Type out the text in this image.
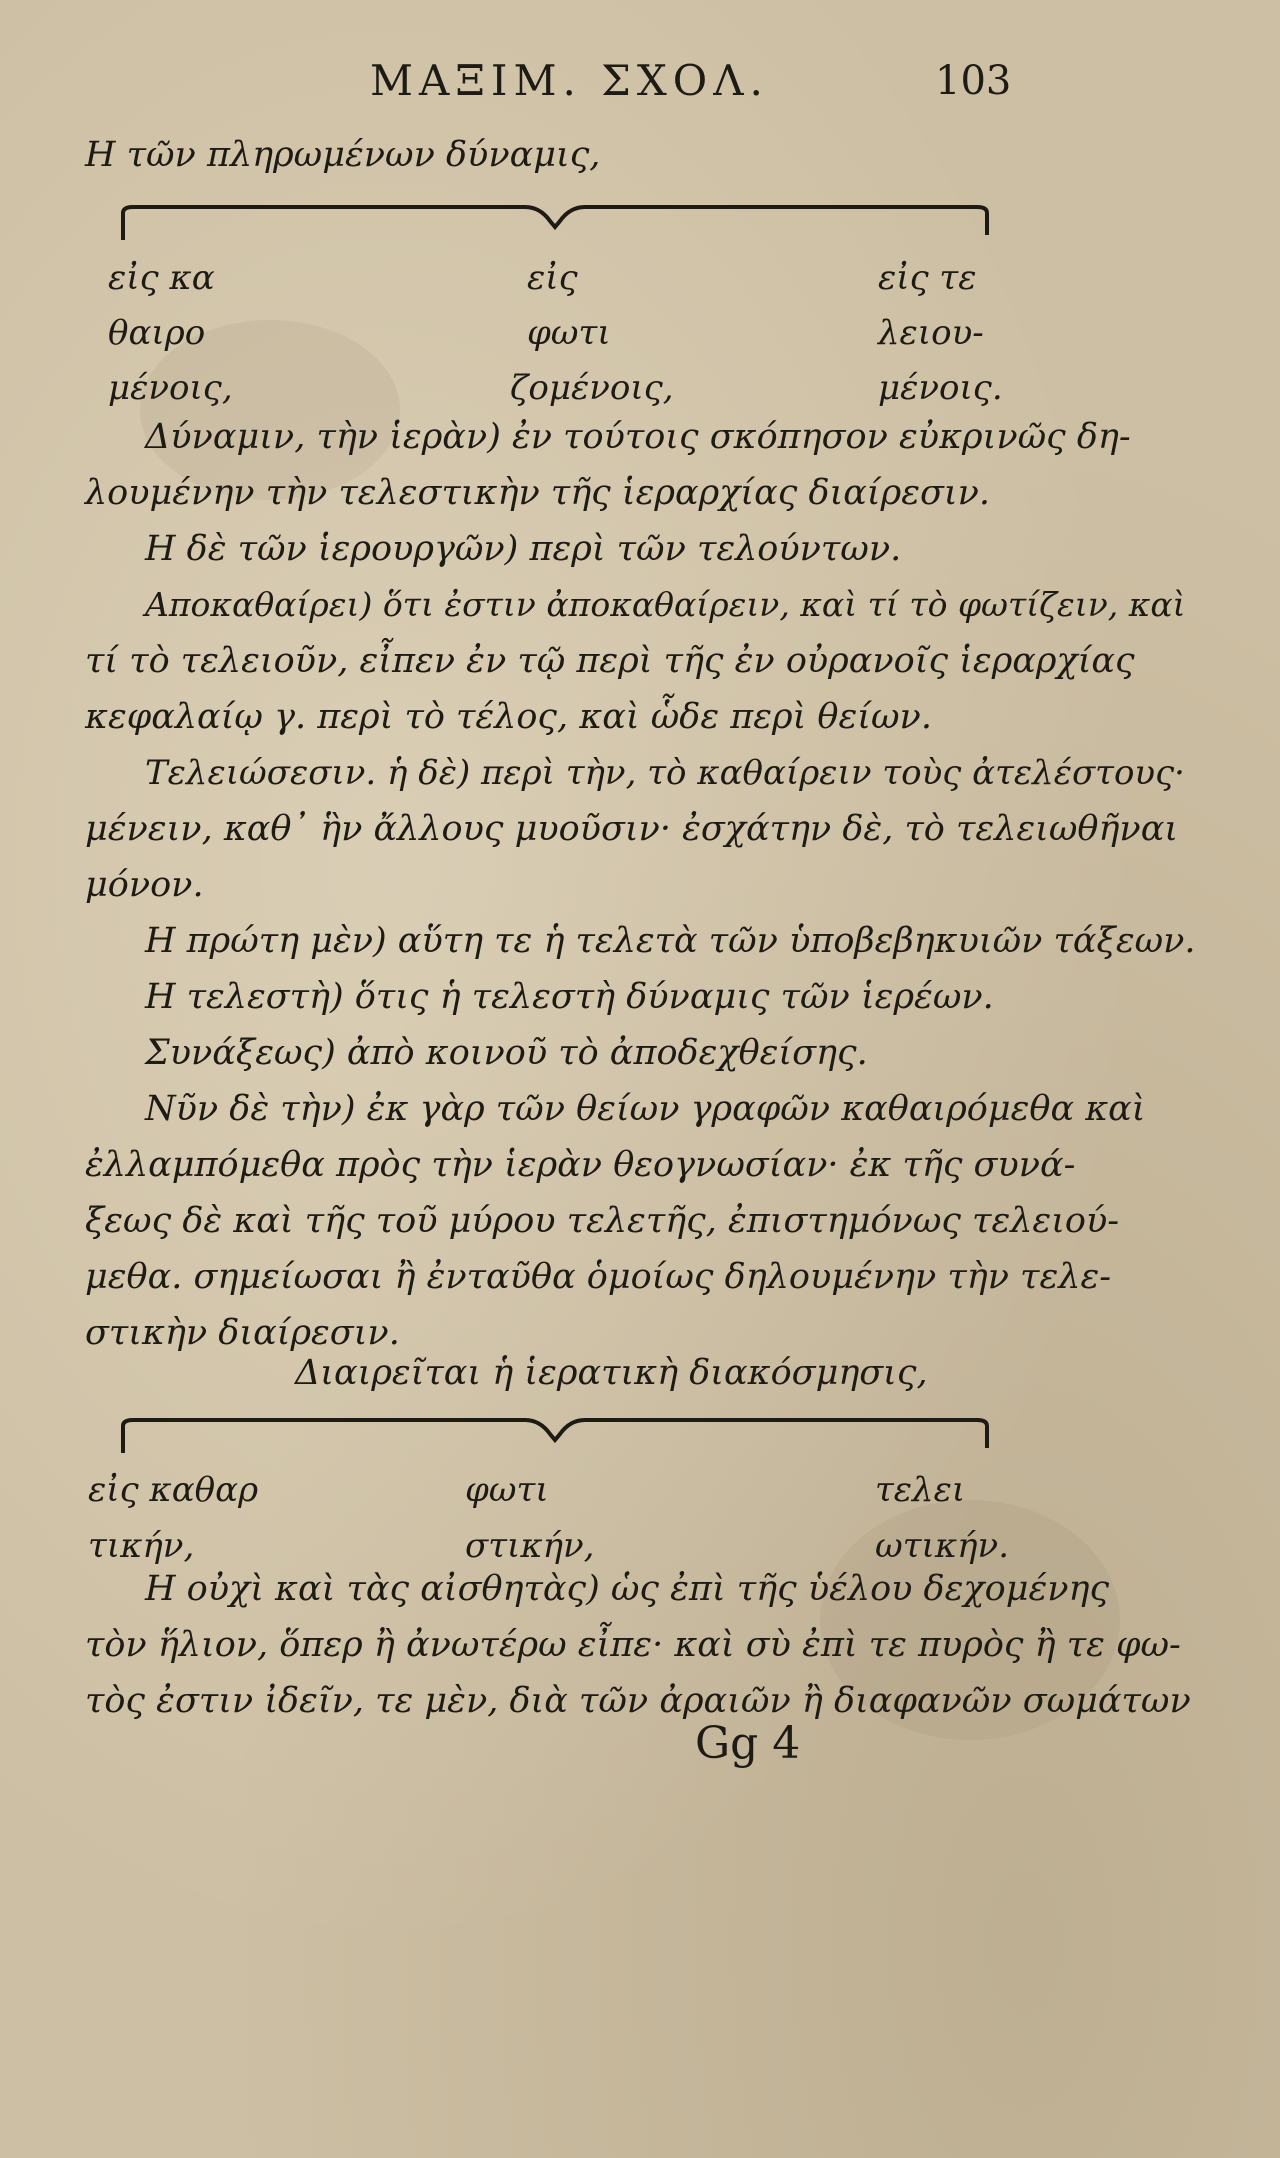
ΜΑΞΙΜ. ΣΧΟΛ.	103
Η τῶν πληρωμένων δύναμις,
εἰς κα
θαιρο
μένοις,
εἰς
φωτι
ζομένοις,
εἰς τε
λειου-
μένοις.
Δύναμιν, τὴν ἱερὰν) ἐν τούτοις σκόπησον εὐκρινῶς δη-
λουμένην τὴν τελεστικὴν τῆς ἱεραρχίας διαίρεσιν.
Η δὲ τῶν ἱερουργῶν) περὶ τῶν τελούντων.
Αποκαθαίρει) ὅτι ἐστιν ἀποκαθαίρειν, καὶ τί τὸ φωτίζειν, καὶ
τί τὸ τελειοῦν, εἶπεν ἐν τῷ περὶ τῆς ἐν οὐρανοῖς ἱεραρχίας
κεφαλαίῳ γ. περὶ τὸ τέλος, καὶ ὧδε περὶ θείων.
Τελειώσεσιν. ἡ δὲ) περὶ τὴν, τὸ καθαίρειν τοὺς ἀτελέστους·
μένειν, καθ᾽ ἣν ἄλλους μυοῦσιν· ἐσχάτην δὲ, τὸ τελειωθῆναι
μόνον.
Η πρώτη μὲν) αὕτη τε ἡ τελετὰ τῶν ὑποβεβηκυιῶν τάξεων.
Η τελεστὴ) ὅτις ἡ τελεστὴ δύναμις τῶν ἱερέων.
Συνάξεως) ἀπὸ κοινοῦ τὸ ἀποδεχθείσης.
Νῦν δὲ τὴν) ἐκ γὰρ τῶν θείων γραφῶν καθαιρόμεθα καὶ
ἐλλαμπόμεθα πρὸς τὴν ἱερὰν θεογνωσίαν· ἐκ τῆς συνά-
ξεως δὲ καὶ τῆς τοῦ μύρου τελετῆς, ἐπιστημόνως τελειού-
μεθα. σημείωσαι ἢ ἐνταῦθα ὁμοίως δηλουμένην τὴν τελε-
στικὴν διαίρεσιν.
Διαιρεῖται ἡ ἱερατικὴ διακόσμησις,
εἰς καθαρ
τικήν,
φωτι
στικήν,
τελει
ωτικήν.
Η οὐχὶ καὶ τὰς αἰσθητὰς) ὡς ἐπὶ τῆς ὑέλου δεχομένης
τὸν ἥλιον, ὅπερ ἢ ἀνωτέρω εἶπε· καὶ σὺ ἐπὶ τε πυρὸς ἢ τε φω-
τὸς ἐστιν ἰδεῖν, τε μὲν, διὰ τῶν ἀραιῶν ἢ διαφανῶν σωμάτων
Gg 4
